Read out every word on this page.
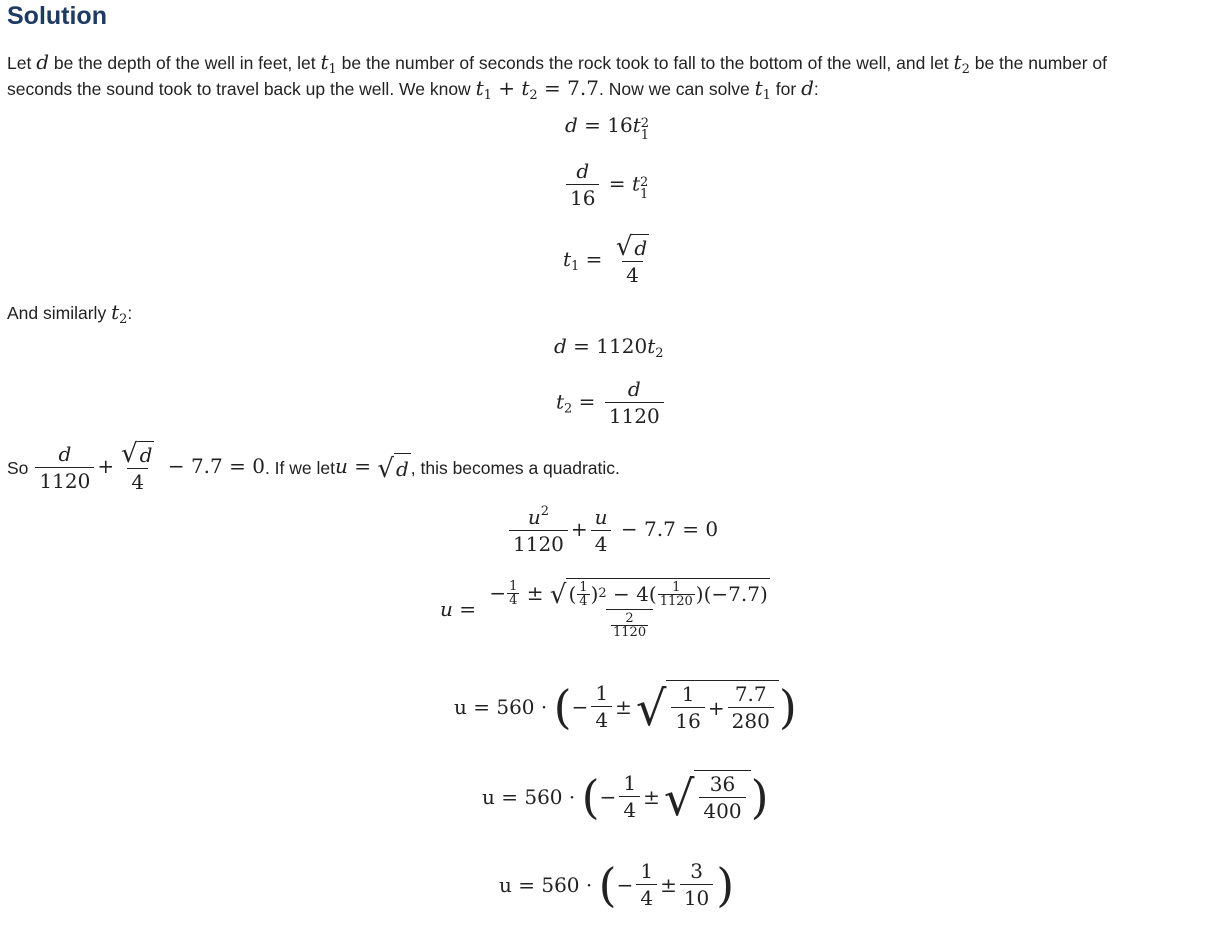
Solution
Let d be the depth of the well in feet, let $t_1$ be the number of seconds the rock took to fall to the bottom of the well, and let $t_2$ be the number of
seconds the sound took to travel back up the well. We know $t_1 + t_2 = 7.7$. Now we can solve $t_1$ for d:
d = 16t 2
1
$\frac{d}{16} = t$ 2
1
$t_1 = \frac{√ d}{4}$
And similarly $t_2$:
$d = 1120t_2$
$t_2 = \frac{d}{1120}$
So $\frac{d}{1120} + \frac{√ d}{4} - 7.7 = 0$ . If we let u = √ d , this becomes a quadratic.
$\frac{u^2}{1120} + \frac{u}{4} - 7.7 = 0$
u = − $\frac{1}{4}$ ± √ ( $\frac{1}{4}$ ) 2
− $4( \frac{1}{1120} )(-7.7)$
$\frac{2}{1120}$
u = 560 ·
( − $\frac{1}{4}$ ± √ $\frac{1}{16} + \frac{7.7}{280}$ )
u = 560 ·
( − $\frac{1}{4}$ ± √ $\frac{36}{400}$ )
u = 560 ·
( − $\frac{1}{4} \pm \frac{3}{10}$ )
